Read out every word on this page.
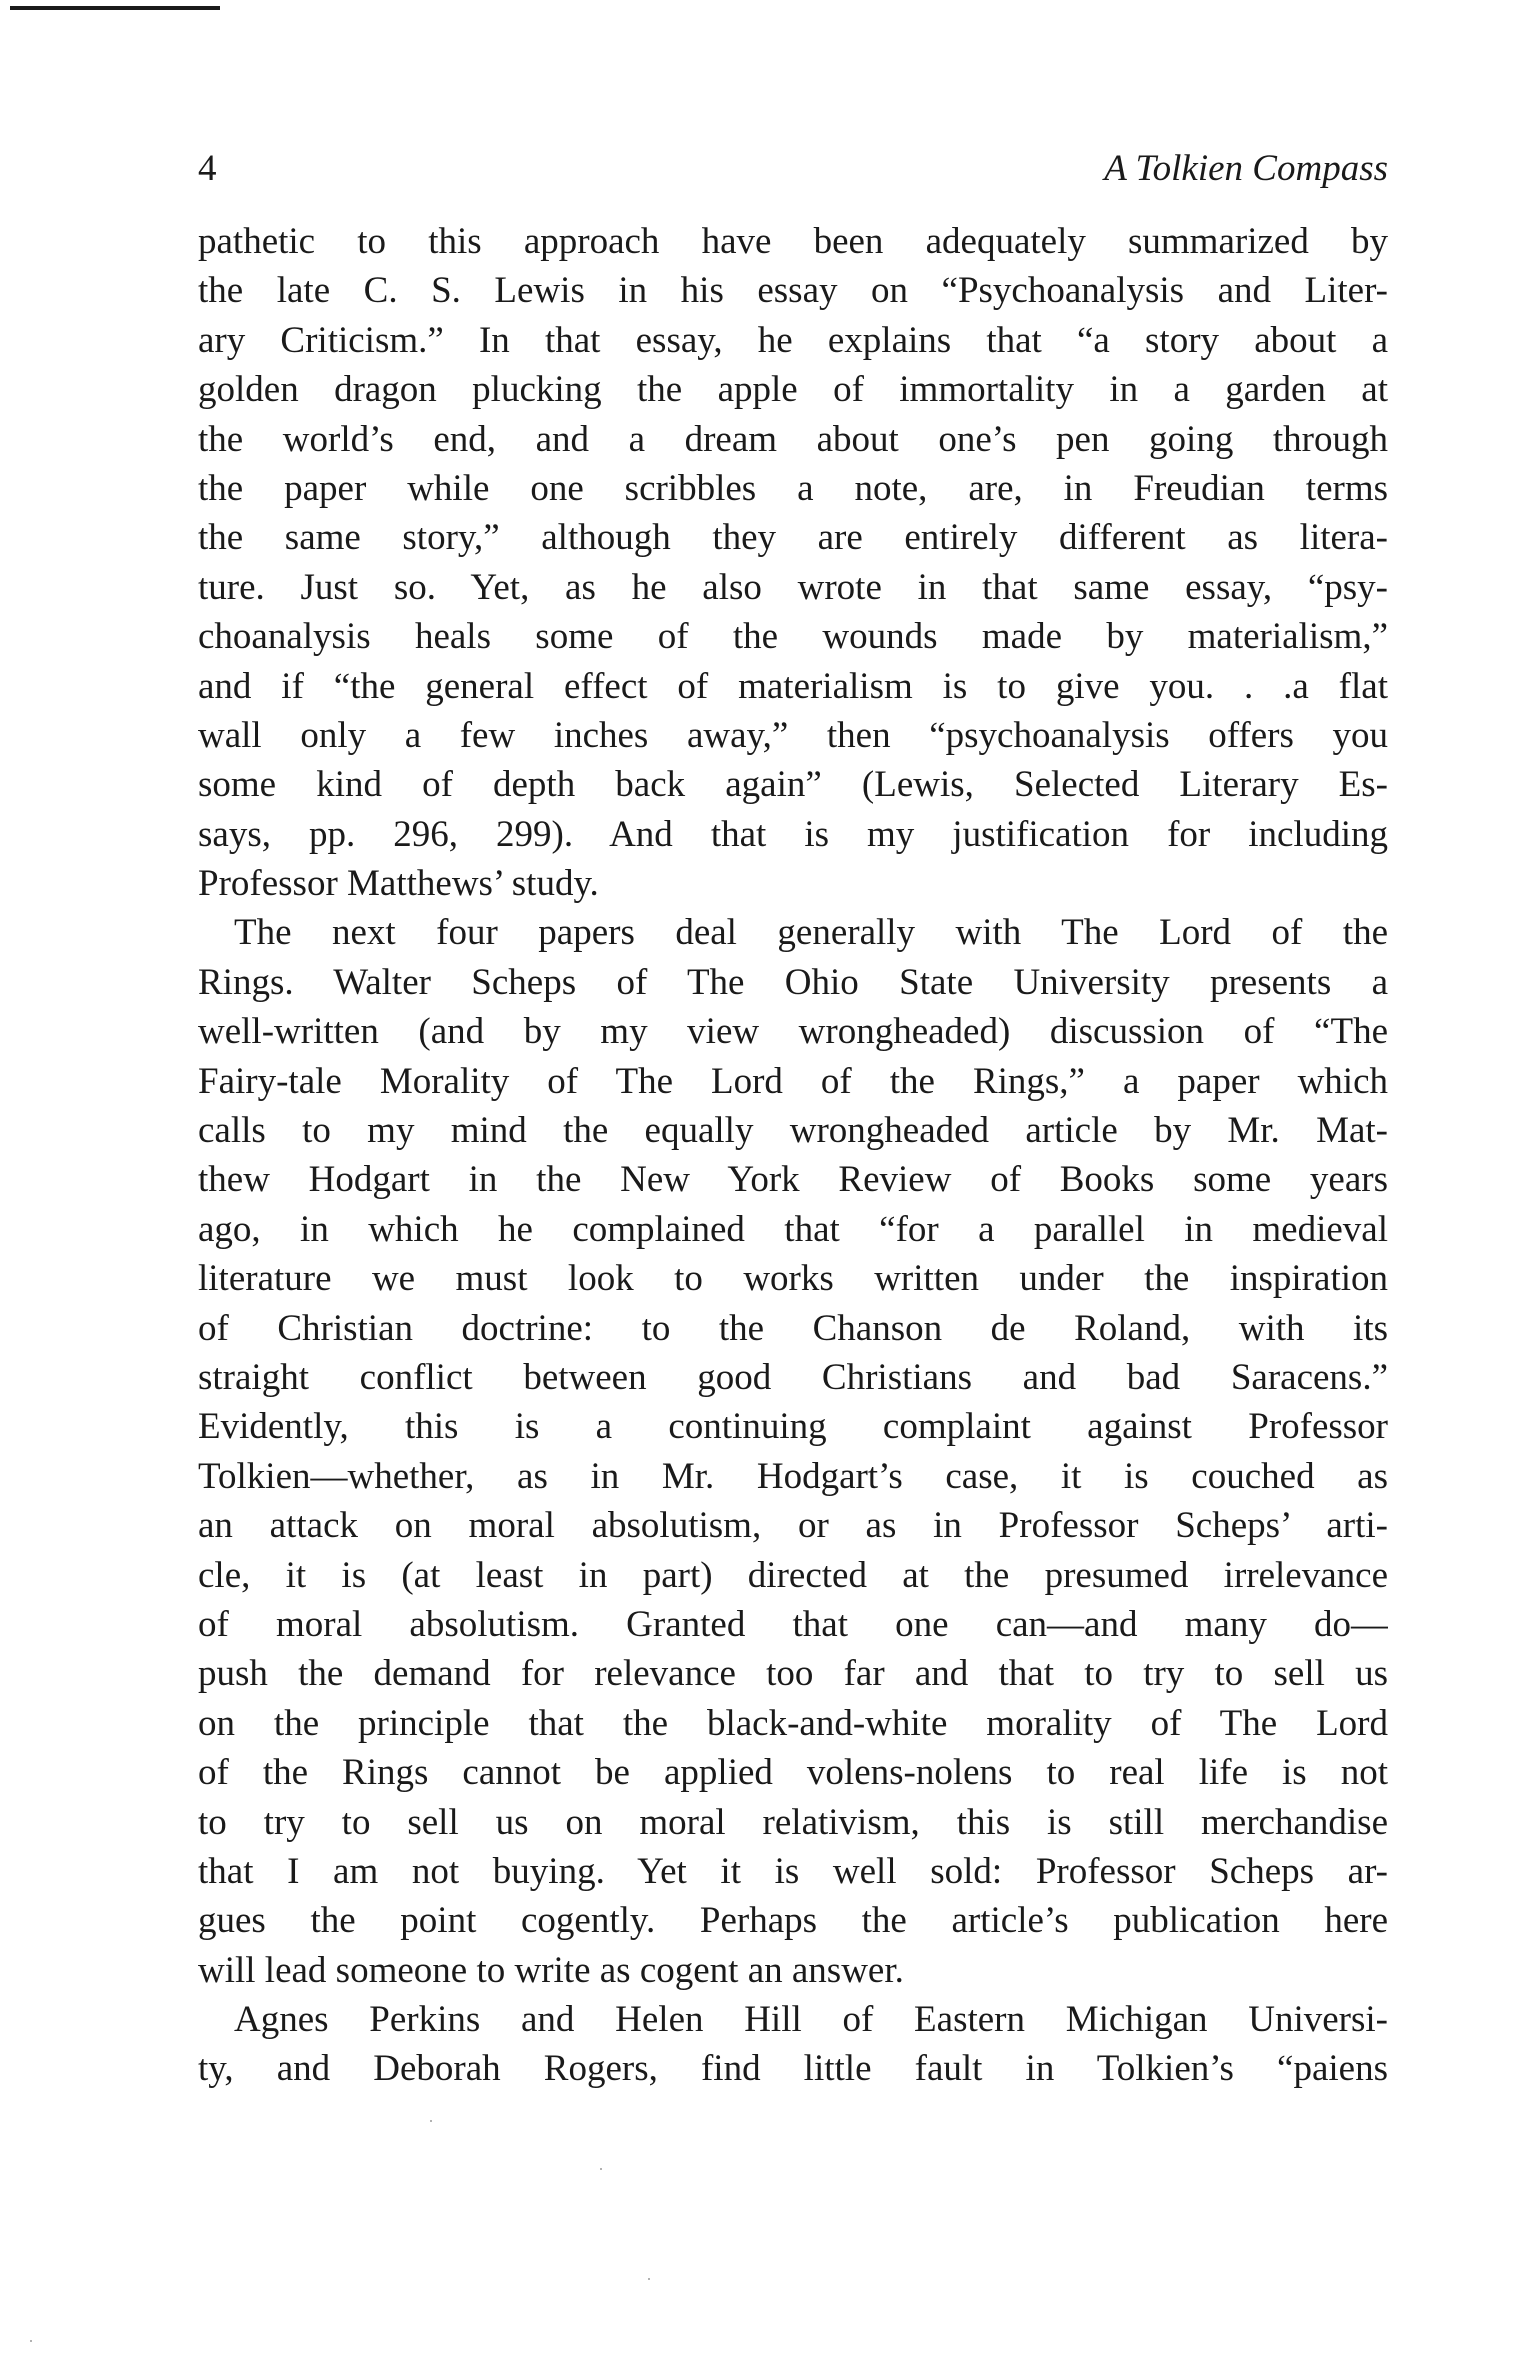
4	A Tolkien Compass
pathetic to this approach have been adequately summarized by
the late C. S. Lewis in his essay on “Psychoanalysis and Liter-
ary Criticism.” In that essay, he explains that “a story about a
golden dragon plucking the apple of immortality in a garden at
the world’s end, and a dream about one’s pen going through
the paper while one scribbles a note, are, in Freudian terms
the same story,” although they are entirely different as litera-
ture. Just so. Yet, as he also wrote in that same essay, “psy-
choanalysis heals some of the wounds made by materialism,”
and if “the general effect of materialism is to give you. . .a flat
wall only a few inches away,” then “psychoanalysis offers you
some kind of depth back again” (Lewis, Selected Literary Es-
says, pp. 296, 299). And that is my justification for including
Professor Matthews’ study.
The next four papers deal generally with The Lord of the
Rings. Walter Scheps of The Ohio State University presents a
well-written (and by my view wrongheaded) discussion of “The
Fairy-tale Morality of The Lord of the Rings,” a paper which
calls to my mind the equally wrongheaded article by Mr. Mat-
thew Hodgart in the New York Review of Books some years
ago, in which he complained that “for a parallel in medieval
literature we must look to works written under the inspiration
of Christian doctrine: to the Chanson de Roland, with its
straight conflict between good Christians and bad Saracens.”
Evidently, this is a continuing complaint against Professor
Tolkien—whether, as in Mr. Hodgart’s case, it is couched as
an attack on moral absolutism, or as in Professor Scheps’ arti-
cle, it is (at least in part) directed at the presumed irrelevance
of moral absolutism. Granted that one can—and many do—
push the demand for relevance too far and that to try to sell us
on the principle that the black-and-white morality of The Lord
of the Rings cannot be applied volens-nolens to real life is not
to try to sell us on moral relativism, this is still merchandise
that I am not buying. Yet it is well sold: Professor Scheps ar-
gues the point cogently. Perhaps the article’s publication here
will lead someone to write as cogent an answer.
Agnes Perkins and Helen Hill of Eastern Michigan Universi-
ty, and Deborah Rogers, find little fault in Tolkien’s “paiens
